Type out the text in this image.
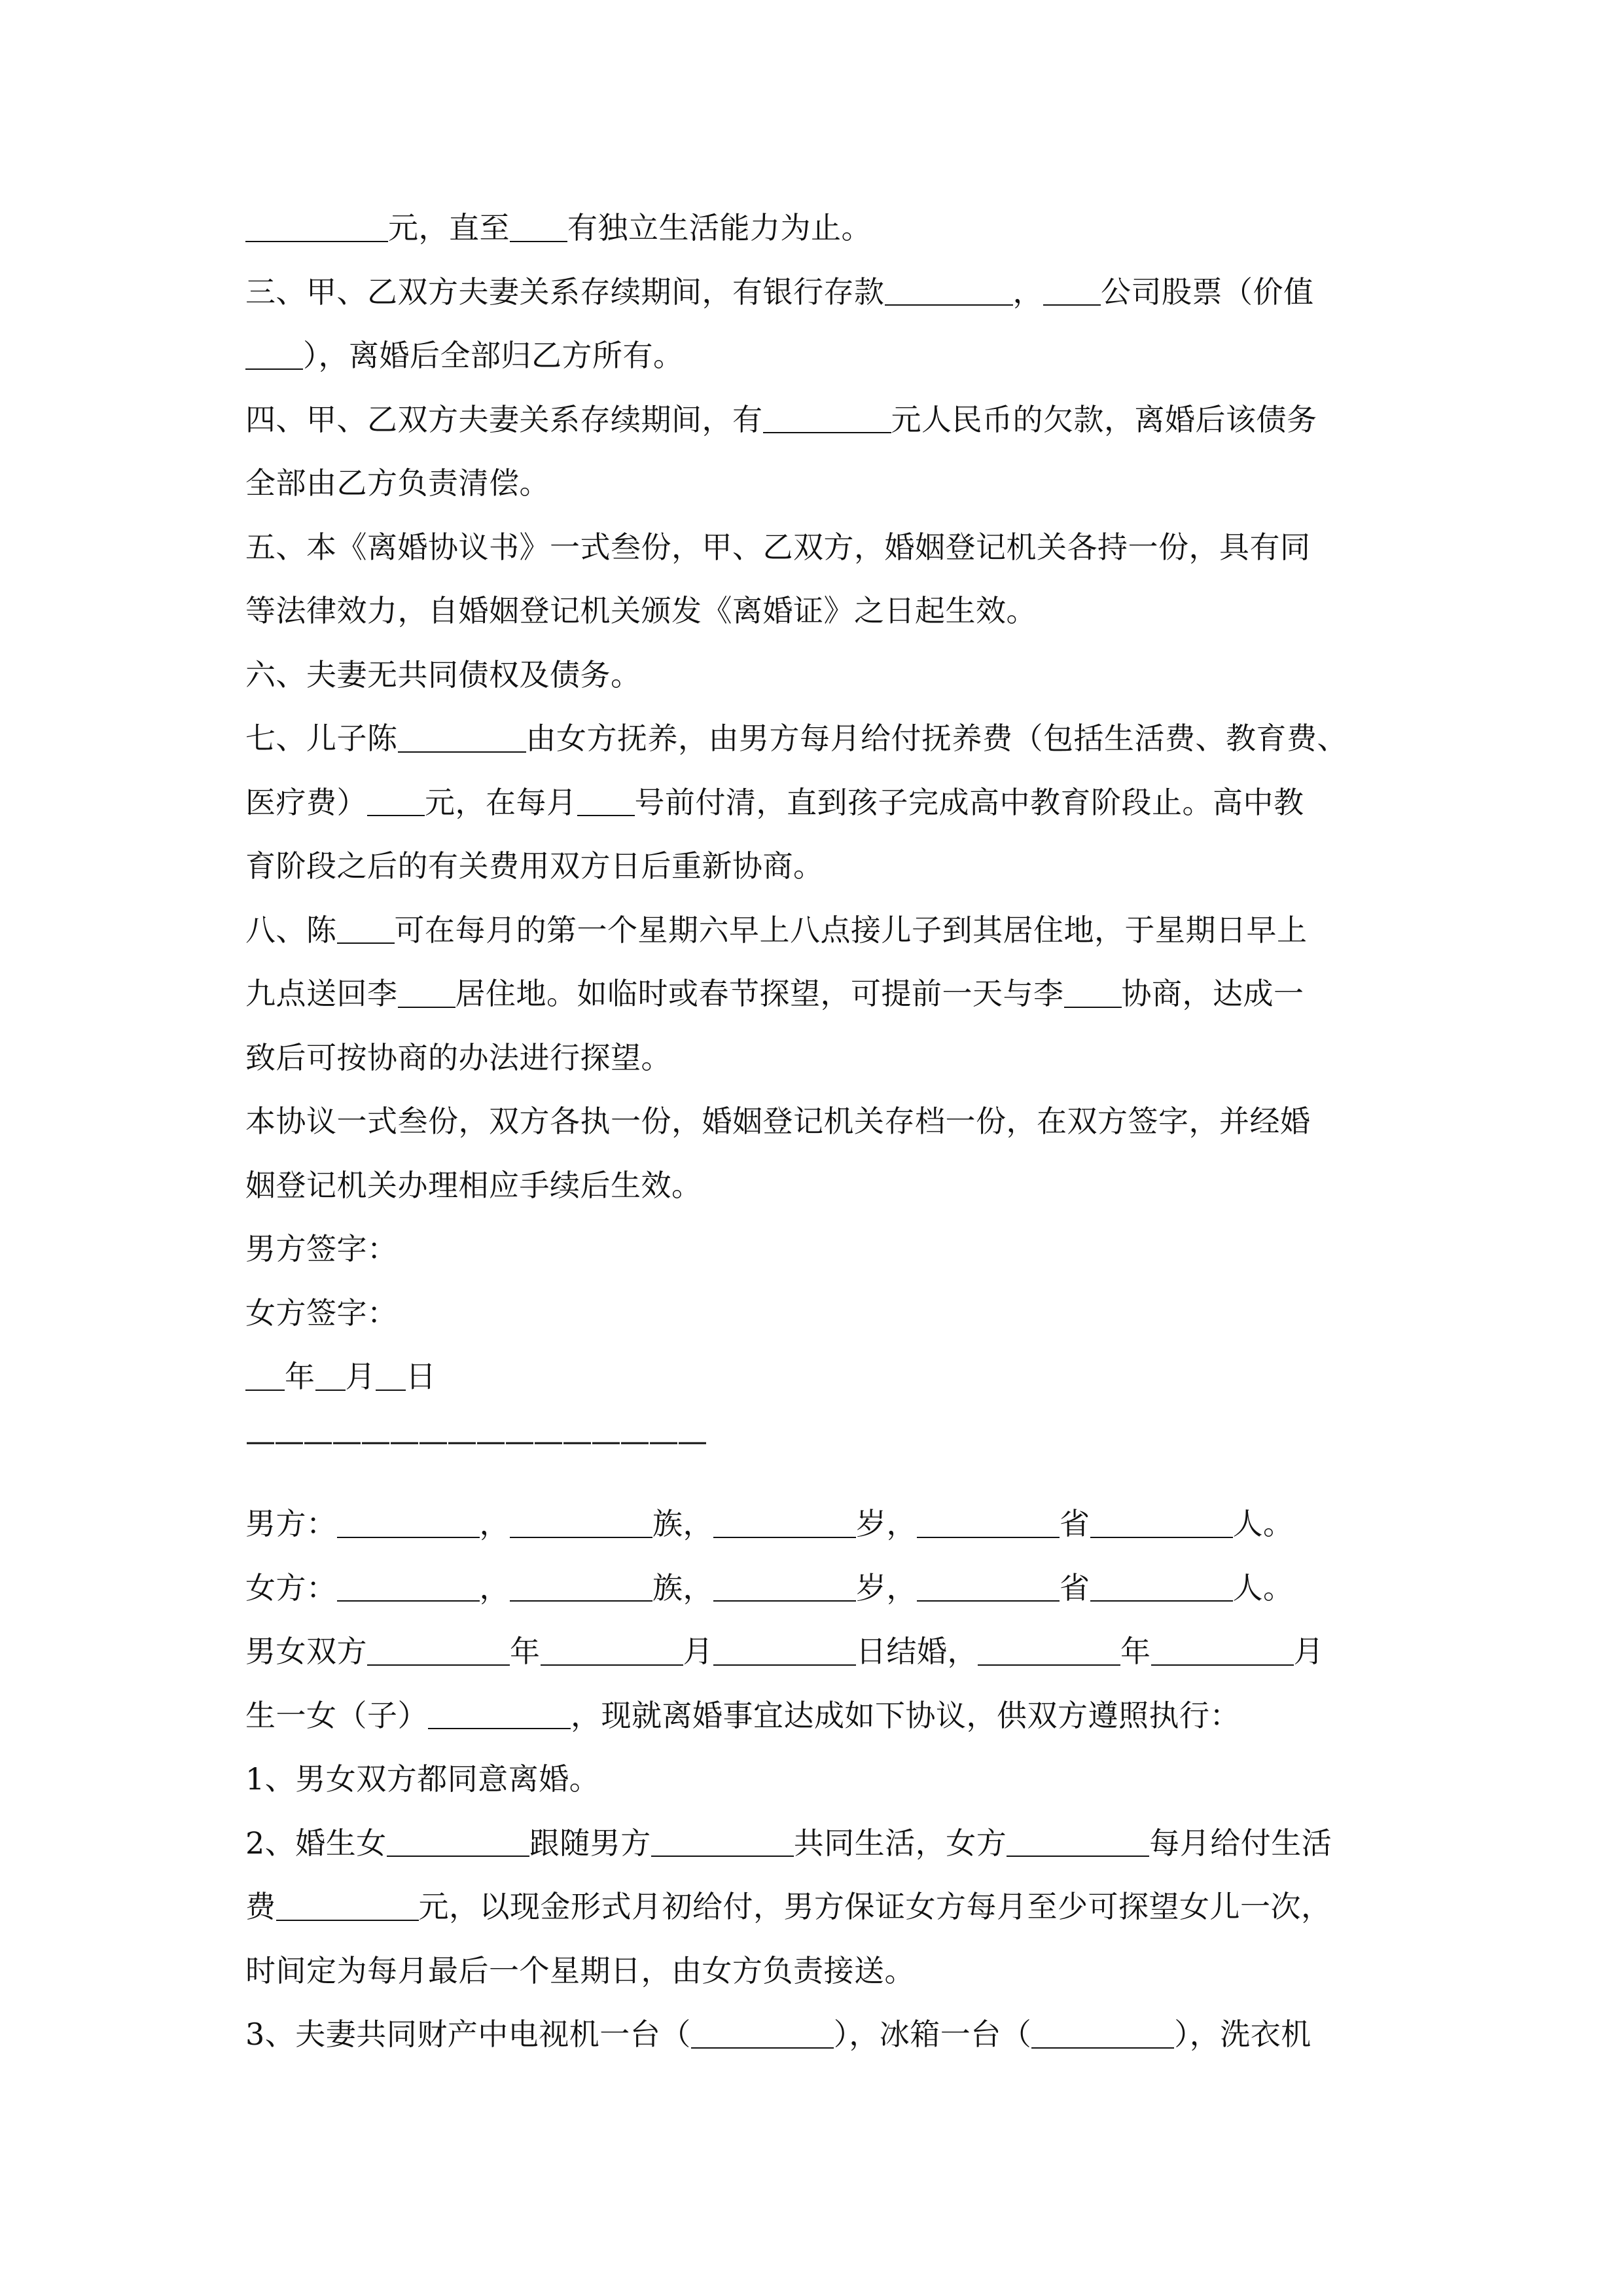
元，直至 有独立生活能力为止。
三、甲、乙双方夫妻关系存续期间，有银行存款	， 公司股票（价值
），离婚后全部归乙方所有。
四、甲、乙双方夫妻关系存续期间，有	元人民币的欠款，离婚后该债务
全部由乙方负责清偿。
五、本《离婚协议书》一式叁份，甲、乙双方，婚姻登记机关各持一份，具有同
等法律效力，自婚姻登记机关颁发《离婚证》之日起生效。
六、夫妻无共同债权及债务。
七、儿子陈	由女方抚养，由男方每月给付抚养费（包括生活费、教育费、
医疗费） 元，在每月 号前付清，直到孩子完成高中教育阶段止。高中教
育阶段之后的有关费用双方日后重新协商。
八、陈 可在每月的第一个星期六早上八点接儿子到其居住地，于星期日早上
九点送回李 居住地。如临时或春节探望，可提前一天与李 协商，达成一
致后可按协商的办法进行探望。
本协议一式叁份，双方各执一份，婚姻登记机关存档一份，在双方签字，并经婚
姻登记机关办理相应手续后生效。
男方签字：
女方签字：
年 月 日
————————————————
男方：	，	族，	岁，	省	人。
女方：	，	族，	岁，	省	人。
男女双方	年	月	日结婚，	年	月
生一女（子）	，现就离婚事宜达成如下协议，供双方遵照执行：
1、男女双方都同意离婚。
2、婚生女	跟随男方	共同生活，女方	每月给付生活
费	元，以现金形式月初给付，男方保证女方每月至少可探望女儿一次，
时间定为每月最后一个星期日，由女方负责接送。
3、夫妻共同财产中电视机一台（	），冰箱一台（	），洗衣机
